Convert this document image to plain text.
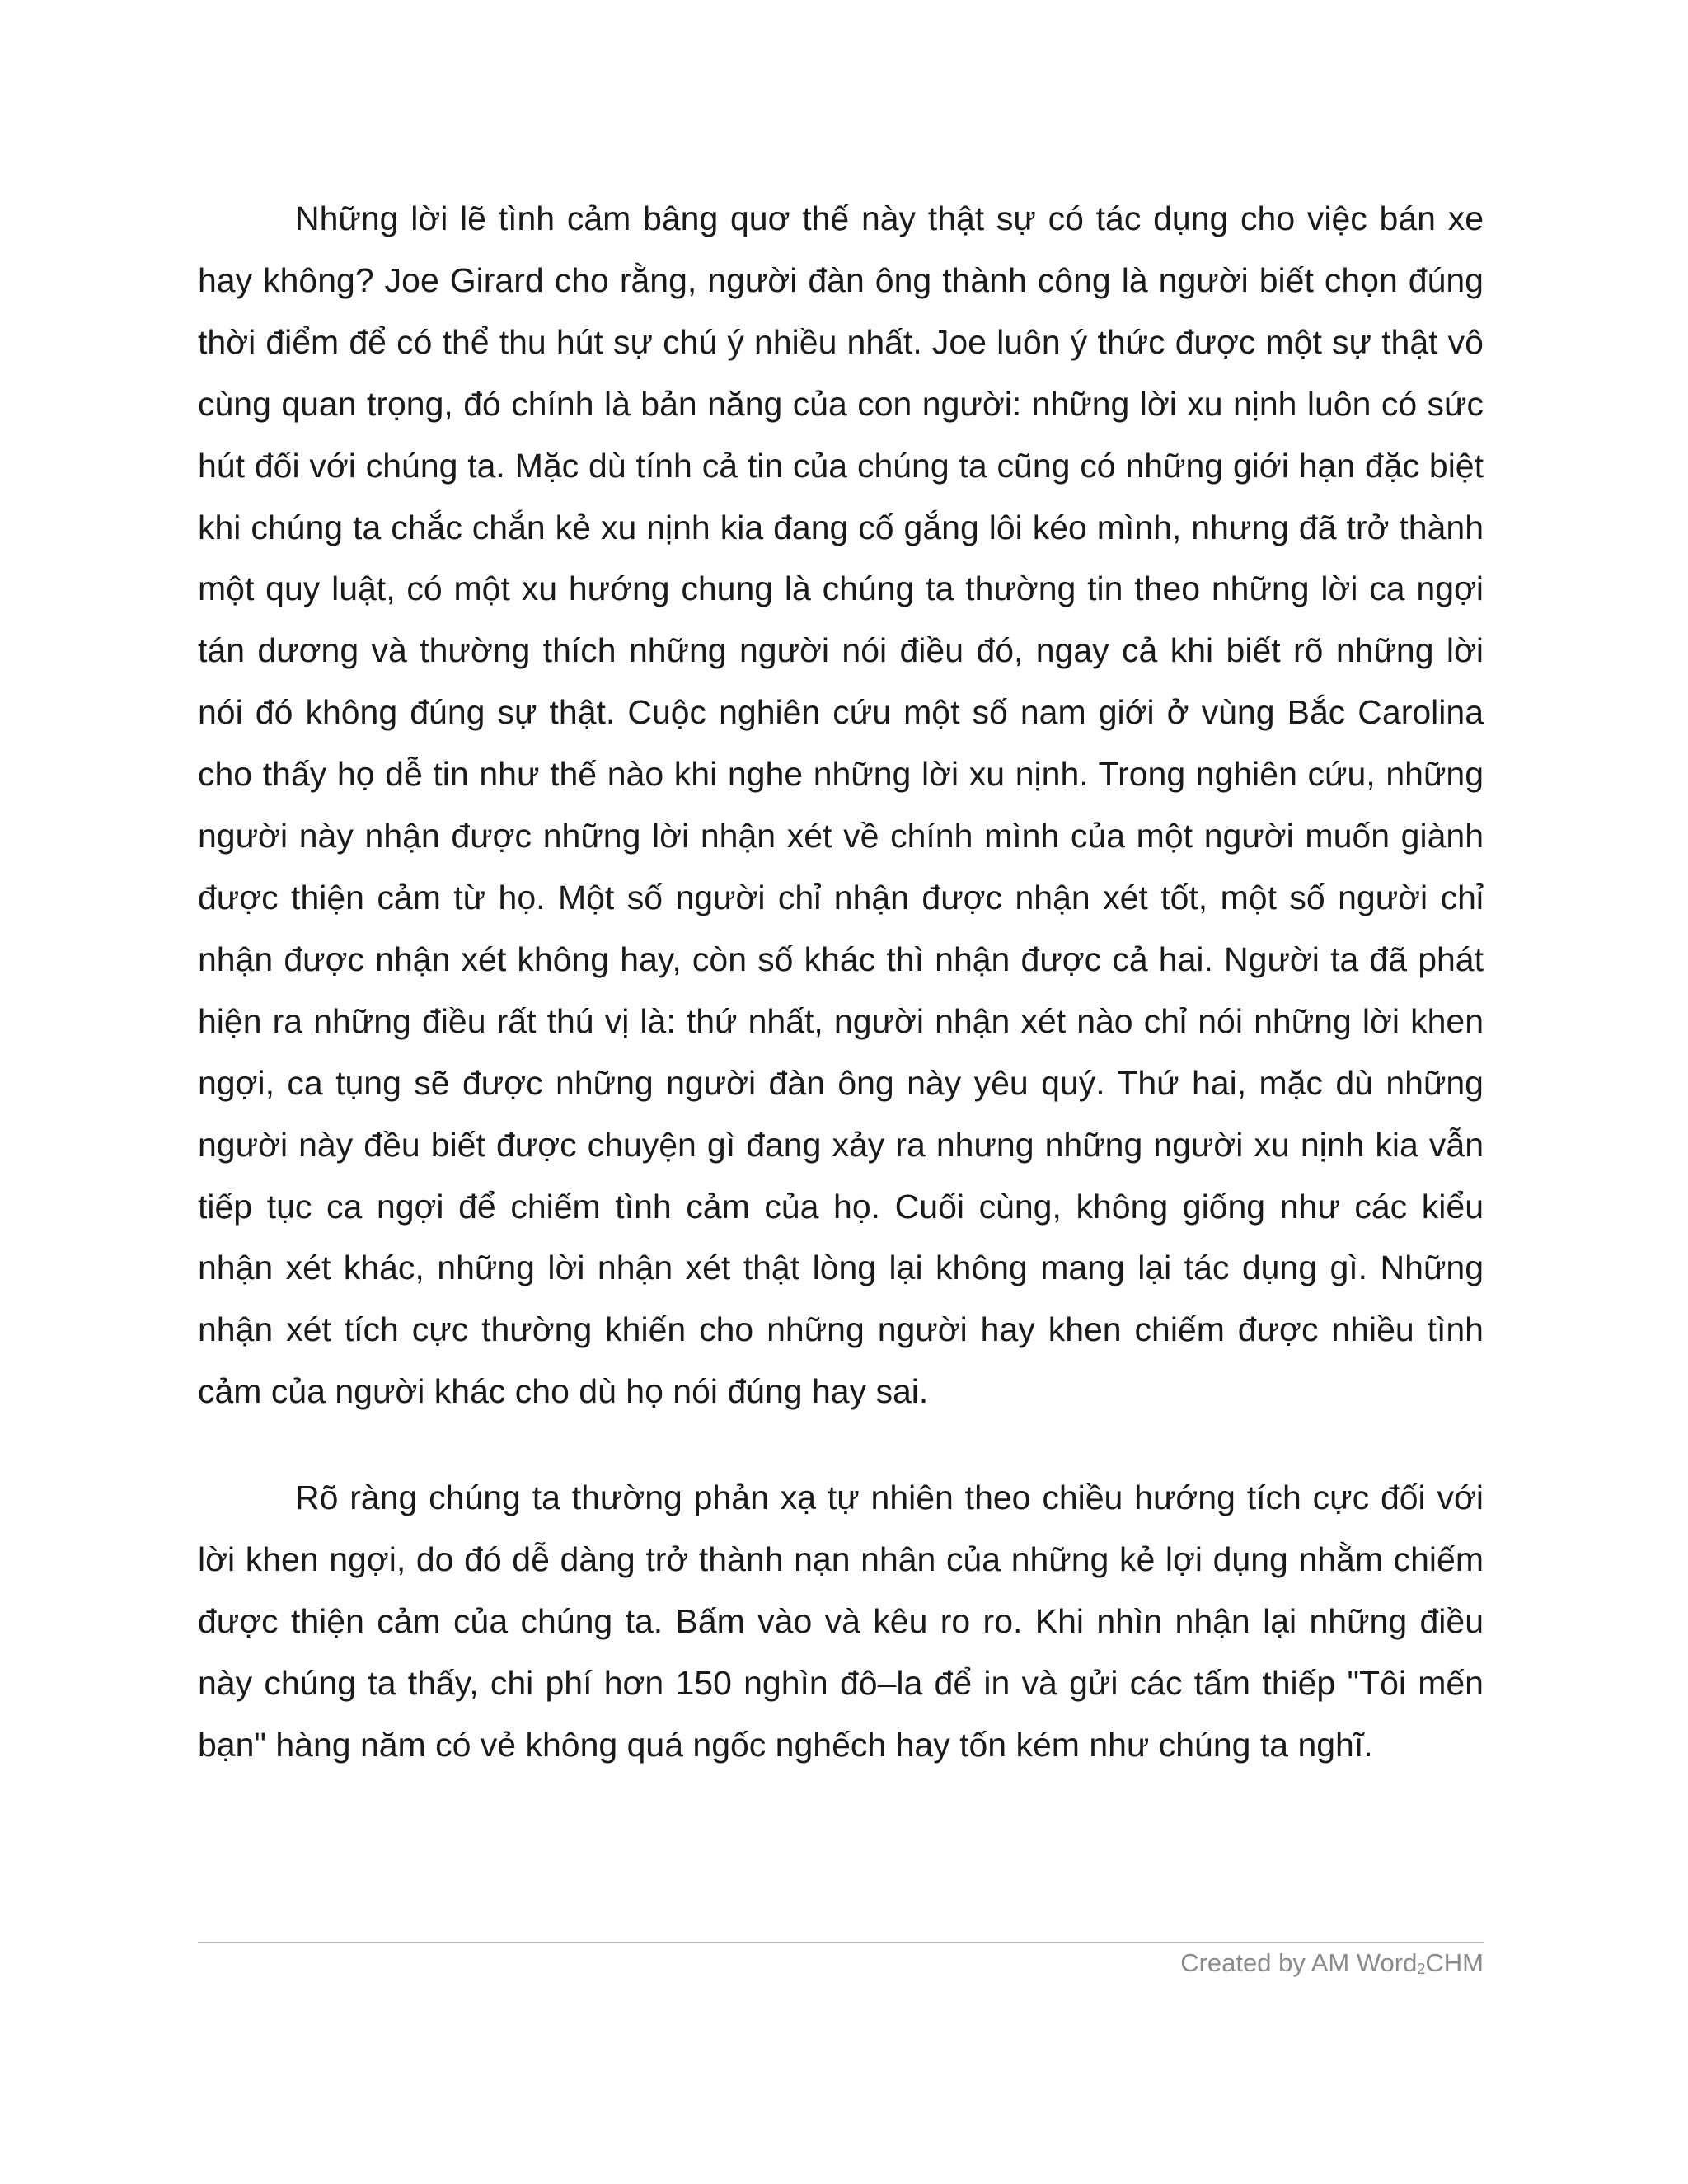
Những lời lẽ tình cảm bâng quơ thế này thật sự có tác dụng cho việc bán xe hay không? Joe Girard cho rằng, người đàn ông thành công là người biết chọn đúng thời điểm để có thể thu hút sự chú ý nhiều nhất. Joe luôn ý thức được một sự thật vô cùng quan trọng, đó chính là bản năng của con người: những lời xu nịnh luôn có sức hút đối với chúng ta. Mặc dù tính cả tin của chúng ta cũng có những giới hạn đặc biệt khi chúng ta chắc chắn kẻ xu nịnh kia đang cố gắng lôi kéo mình, nhưng đã trở thành một quy luật, có một xu hướng chung là chúng ta thường tin theo những lời ca ngợi tán dương và thường thích những người nói điều đó, ngay cả khi biết rõ những lời nói đó không đúng sự thật. Cuộc nghiên cứu một số nam giới ở vùng Bắc Carolina cho thấy họ dễ tin như thế nào khi nghe những lời xu nịnh. Trong nghiên cứu, những người này nhận được những lời nhận xét về chính mình của một người muốn giành được thiện cảm từ họ. Một số người chỉ nhận được nhận xét tốt, một số người chỉ nhận được nhận xét không hay, còn số khác thì nhận được cả hai. Người ta đã phát hiện ra những điều rất thú vị là: thứ nhất, người nhận xét nào chỉ nói những lời khen ngợi, ca tụng sẽ được những người đàn ông này yêu quý. Thứ hai, mặc dù những người này đều biết được chuyện gì đang xảy ra nhưng những người xu nịnh kia vẫn tiếp tục ca ngợi để chiếm tình cảm của họ. Cuối cùng, không giống như các kiểu nhận xét khác, những lời nhận xét thật lòng lại không mang lại tác dụng gì. Những nhận xét tích cực thường khiến cho những người hay khen chiếm được nhiều tình cảm của người khác cho dù họ nói đúng hay sai.

Rõ ràng chúng ta thường phản xạ tự nhiên theo chiều hướng tích cực đối với lời khen ngợi, do đó dễ dàng trở thành nạn nhân của những kẻ lợi dụng nhằm chiếm được thiện cảm của chúng ta. Bấm vào và kêu ro ro. Khi nhìn nhận lại những điều này chúng ta thấy, chi phí hơn 150 nghìn đô–la để in và gửi các tấm thiếp "Tôi mến bạn" hàng năm có vẻ không quá ngốc nghếch hay tốn kém như chúng ta nghĩ.

Created by AM Word$_2$CHM
